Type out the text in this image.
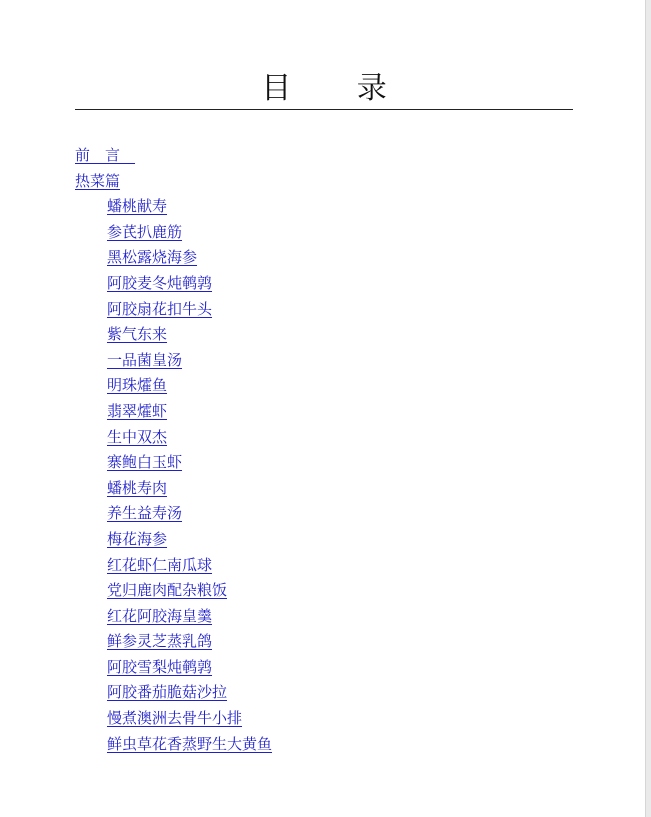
目 录
前言
热菜篇
蟠桃献寿
参芪扒鹿筋
黑松露烧海参
阿胶麦冬炖鹌鹑
阿胶扇花扣牛头
紫气东来
一品菌皇汤
明珠㸌鱼
翡翠㸌虾
生中双杰
寨鲍白玉虾
蟠桃寿肉
养生益寿汤
梅花海参
红花虾仁南瓜球
党归鹿肉配杂粮饭
红花阿胶海皇羹
鲜参灵芝蒸乳鸽
阿胶雪梨炖鹌鹑
阿胶番茄脆菇沙拉
慢煮澳洲去骨牛小排
鲜虫草花香蒸野生大黄鱼
